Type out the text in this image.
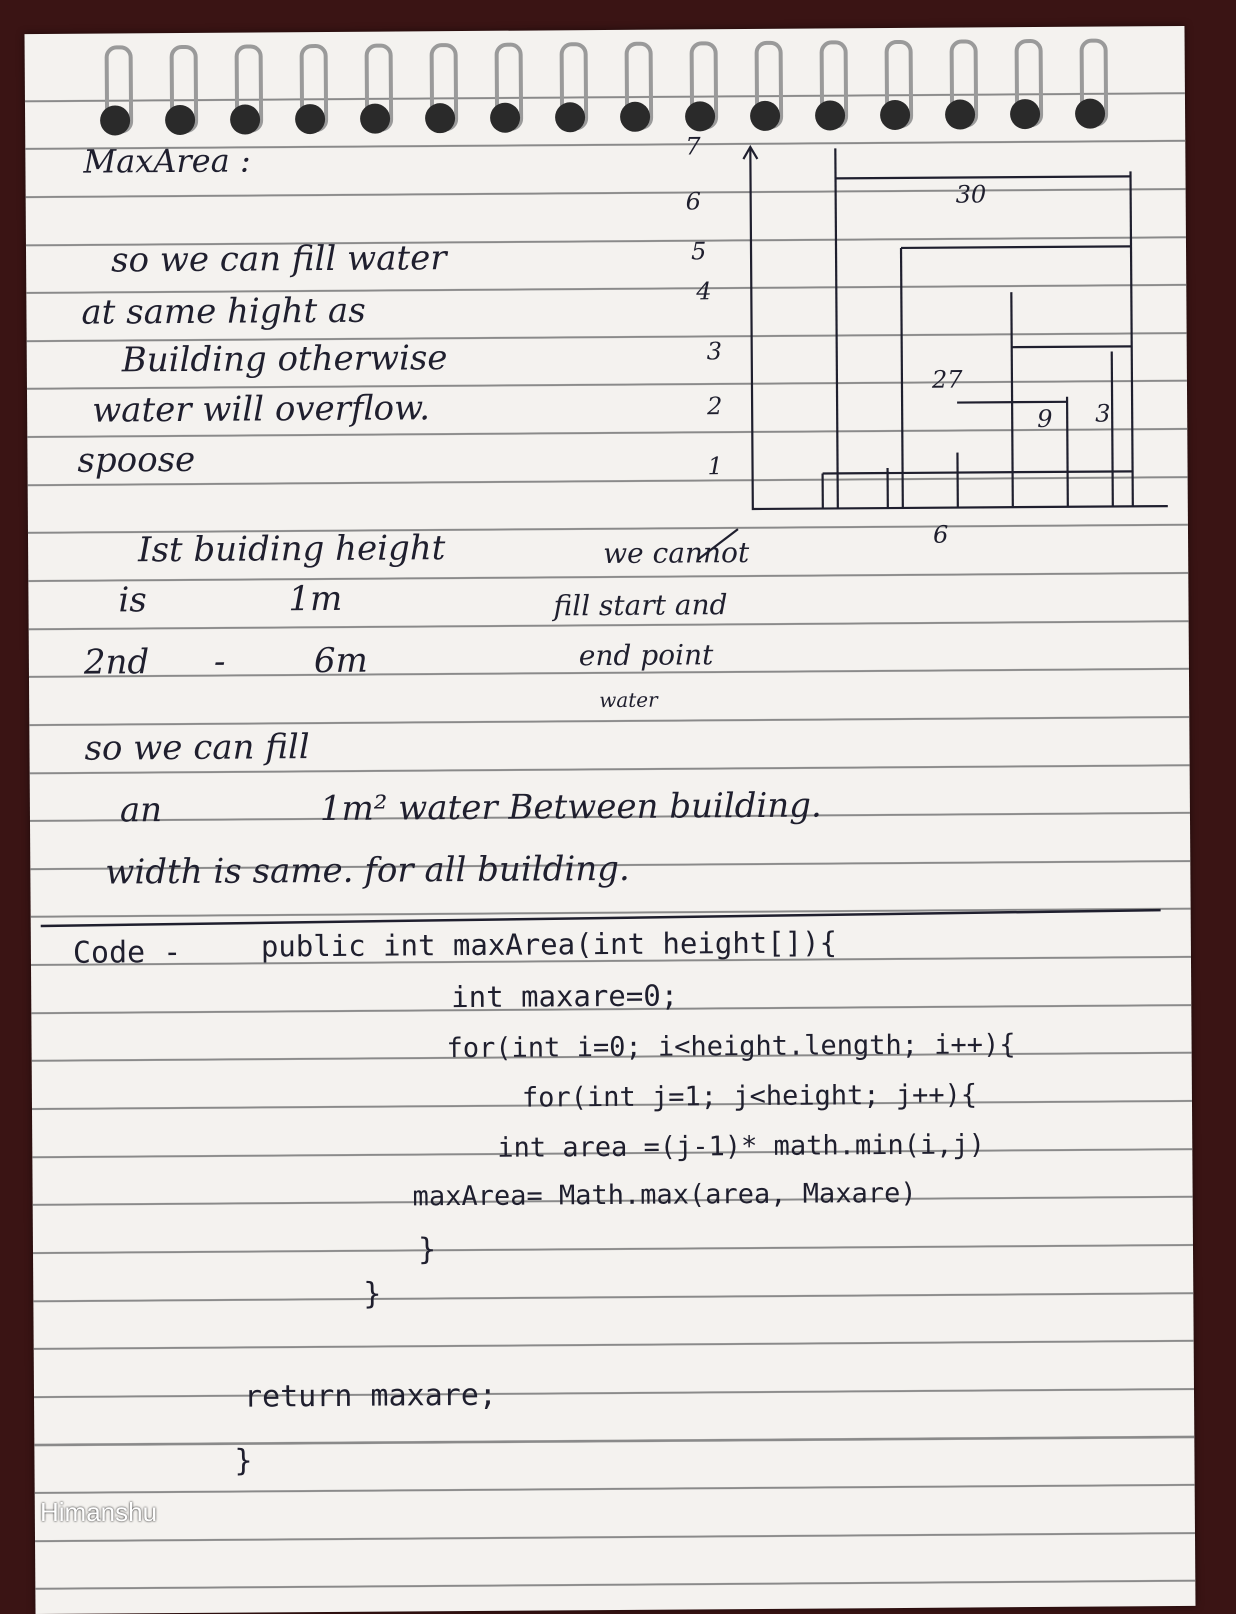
MaxArea :
so we can fill water
at same hight as
Building otherwise
water will overflow.
spoose
Ist buiding height
is	1m
2nd -	6m
so we can fill
an	1m² water Between building.
width is same. for all building.
we cannot
fill start and
end point
water
Code -	public int maxArea(int height[]){
int maxare=0;
for(int i=0; i<height.length; i++){
for(int j=1; j<height; j++){
int area =(j-1)* math.min(i,j)
maxArea= Math.max(area, Maxare)
}
}
return maxare;
}
7
6
5
4
3
2
1
30
27
9 3
6
Himanshu
